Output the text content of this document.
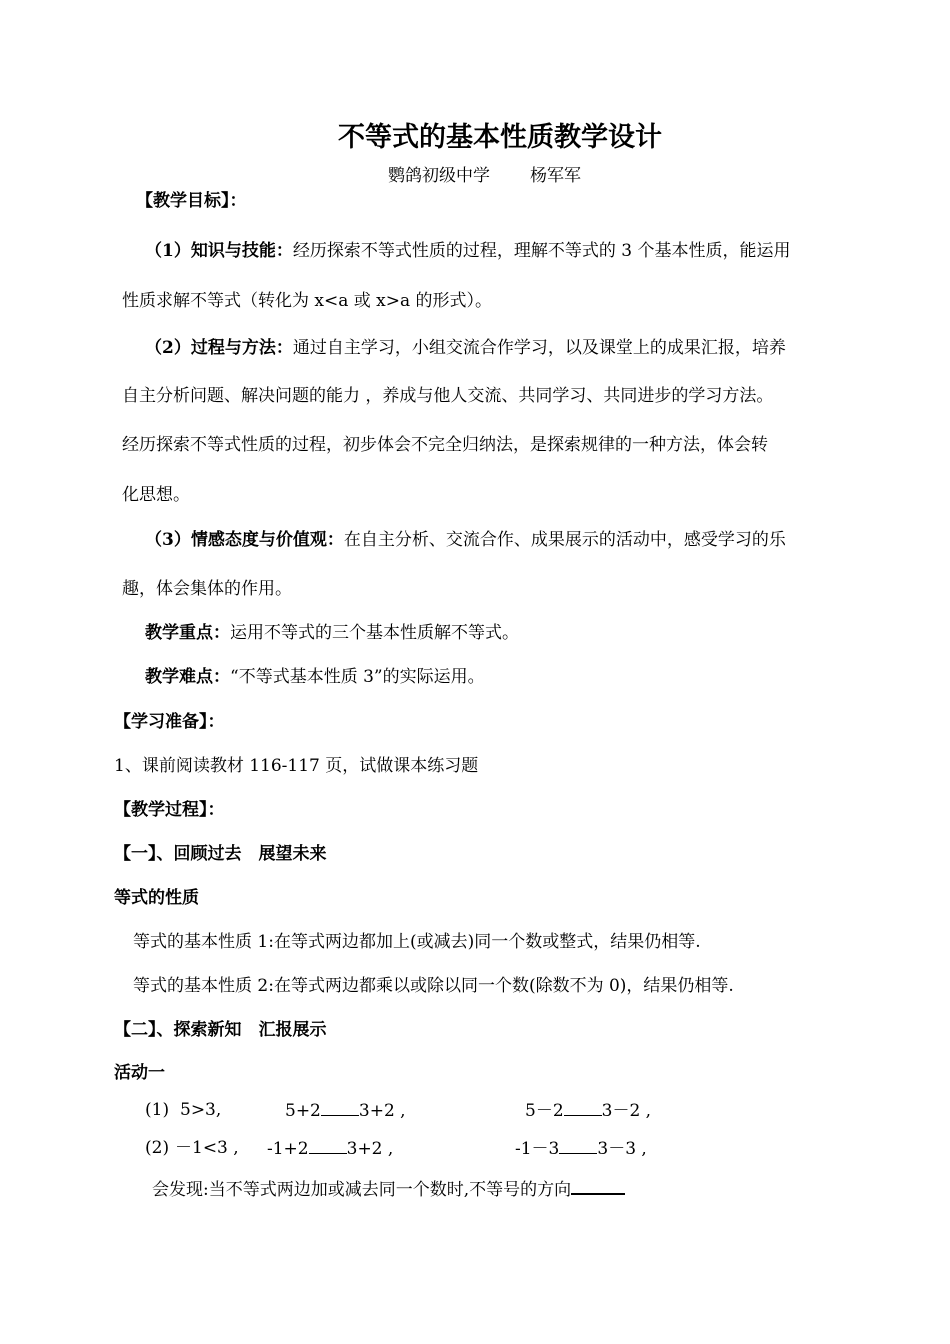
不等式的基本性质教学设计
鹦鸽初级中学 杨军军
【教学目标】：
（1）知识与技能：经历探索不等式性质的过程，理解不等式的 3 个基本性质，能运用
性质求解不等式（转化为 x<a 或 x>a 的形式）。
（2）过程与方法：通过自主学习，小组交流合作学习，以及课堂上的成果汇报，培养
自主分析问题、解决问题的能力 ，养成与他人交流、共同学习、共同进步的学习方法。
经历探索不等式性质的过程，初步体会不完全归纳法，是探索规律的一种方法，体会转
化思想。
（3）情感态度与价值观：在自主分析、交流合作、成果展示的活动中，感受学习的乐
趣，体会集体的作用。
教学重点：运用不等式的三个基本性质解不等式。
教学难点：“不等式基本性质 3”的实际运用。
【学习准备】：
1、课前阅读教材 116-117 页，试做课本练习题
【教学过程】：
【一】、回顾过去　展望未来
等式的性质
等式的基本性质 1:在等式两边都加上(或减去)同一个数或整式，结果仍相等.
等式的基本性质 2:在等式两边都乘以或除以同一个数(除数不为 0)，结果仍相等.
【二】、探索新知　汇报展示
活动一
(1) 5>3,	5+2 3+2 ,	5－2 3－2 ,
(2) －1<3 , -1+2 3+2 ,	-1－3 3－3 ,
会发现:当不等式两边加或减去同一个数时,不等号的方向
